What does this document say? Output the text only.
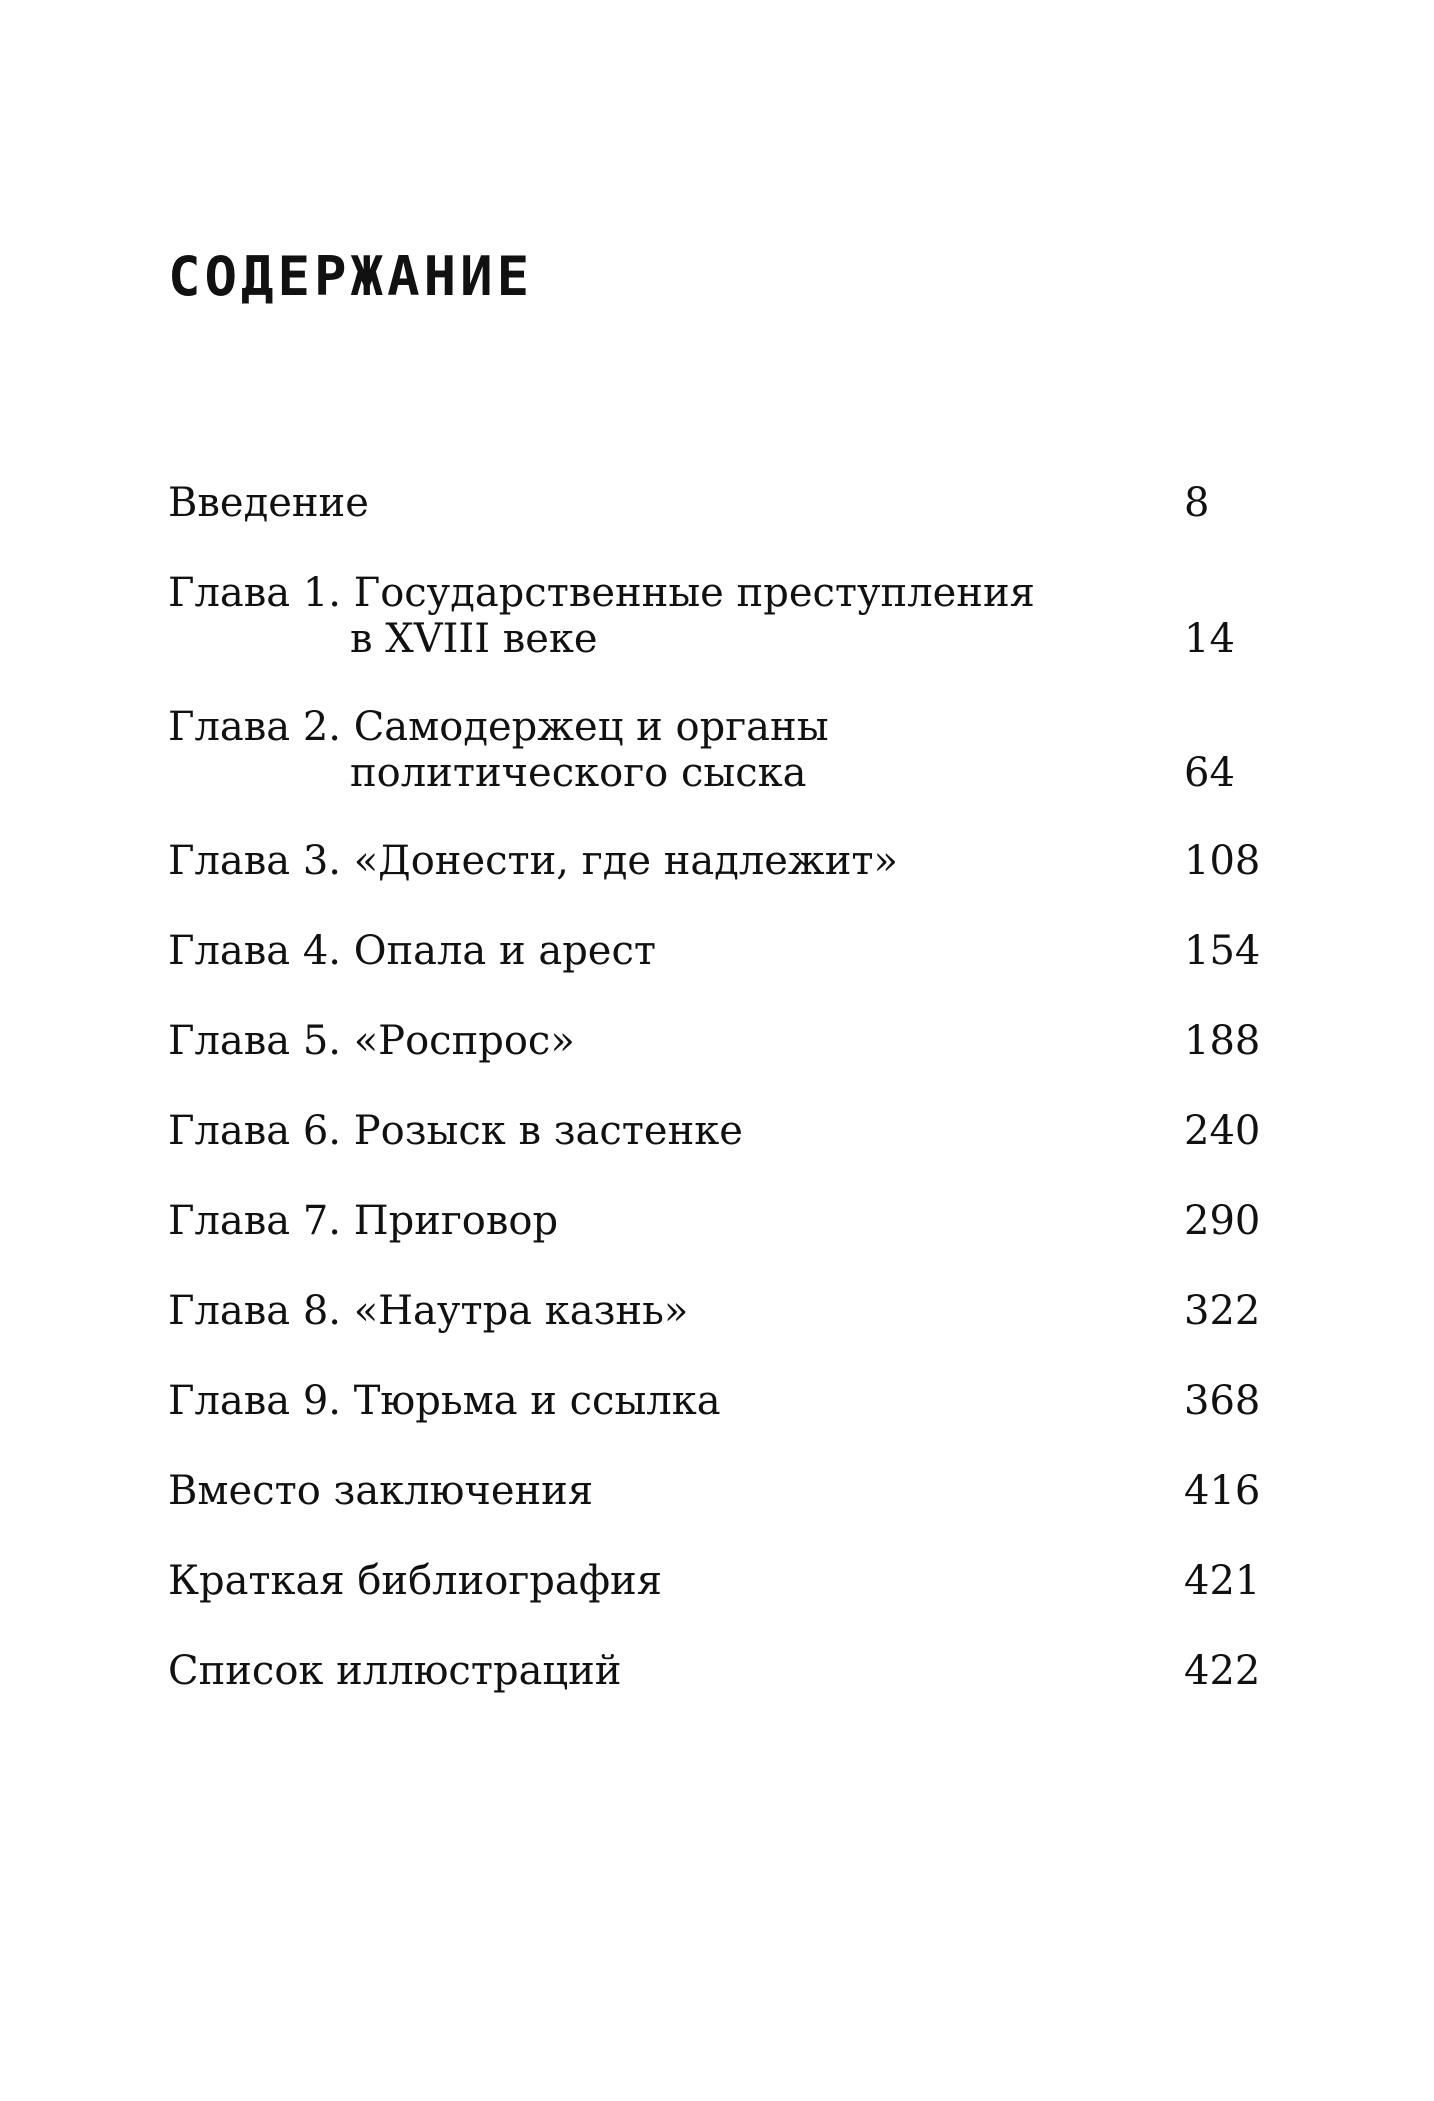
СОДЕРЖАНИЕ
Введение	8
Глава 1. Государственные преступления
в XVIII веке	14
Глава 2. Самодержец и органы
политического сыска	64
Глава 3. «Донести, где надлежит»	108
Глава 4. Опала и арест	154
Глава 5. «Роспрос»	188
Глава 6. Розыск в застенке	240
Глава 7. Приговор	290
Глава 8. «Наутра казнь»	322
Глава 9. Тюрьма и ссылка	368
Вместо заключения	416
Краткая библиография	421
Список иллюстраций	422
